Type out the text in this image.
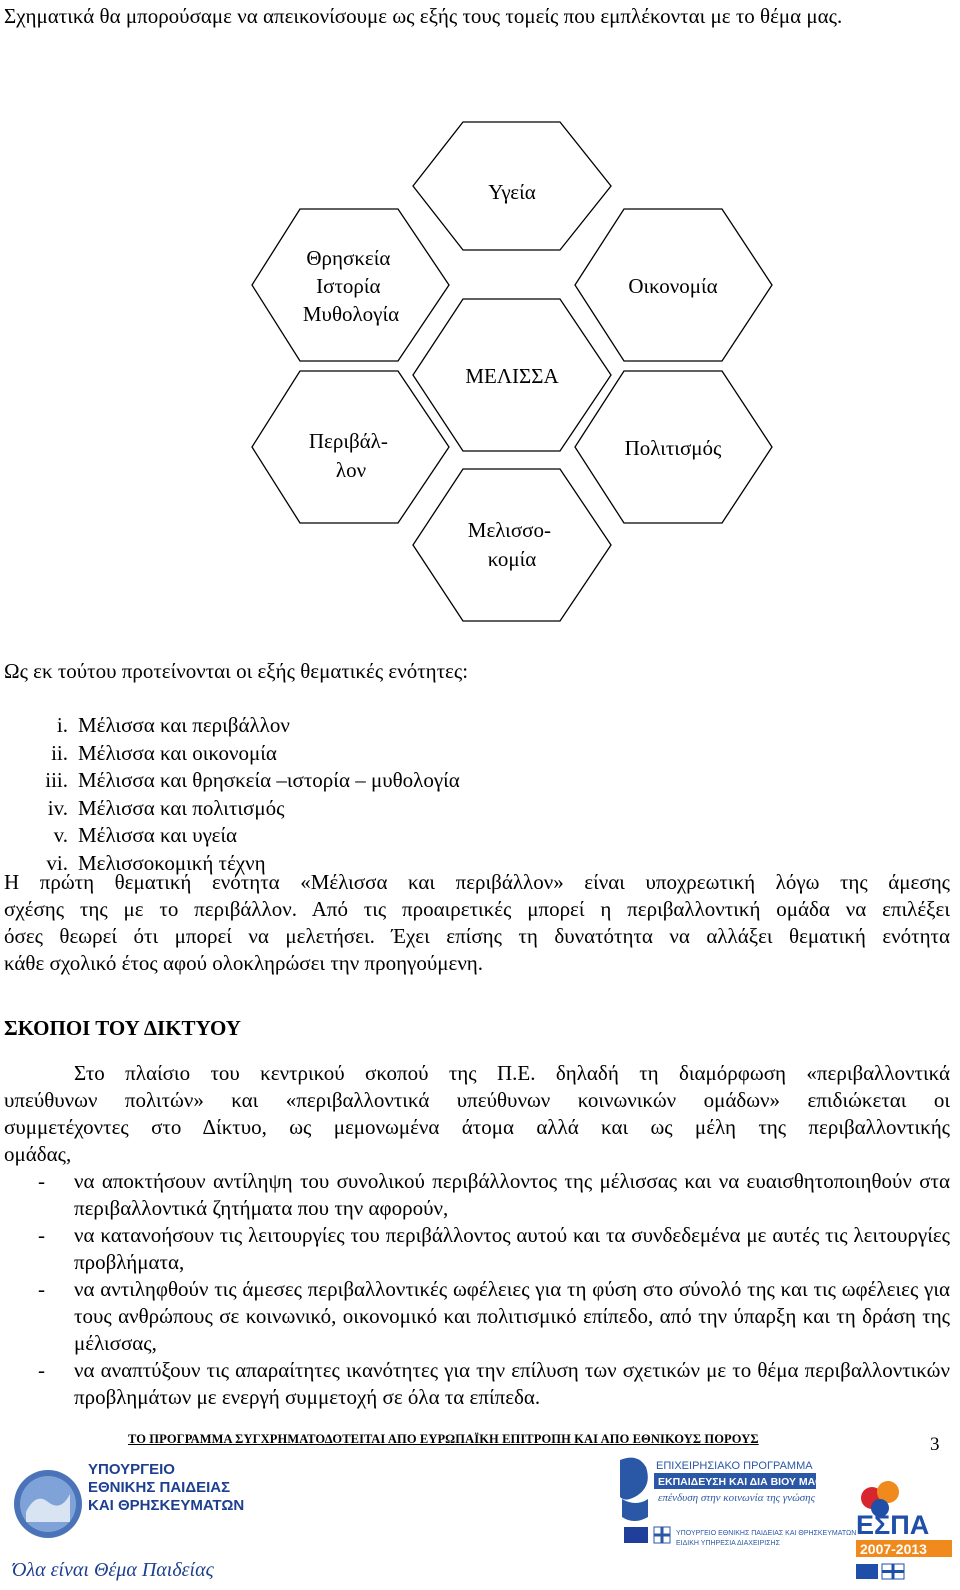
Σχηματικά θα μπορούσαμε να απεικονίσουμε ως εξής τους τομείς που εμπλέκονται με το θέμα μας.

Υγεία
Θρησκεία Ιστορία Μυθολογία
Οικονομία
ΜΕΛΙΣΣΑ
Περιβάλ- λον
Πολιτισμός
Μελισσο- κομία

Ως εκ τούτου προτείνονται οι εξής θεματικές ενότητες:

i. Μέλισσα και περιβάλλον
ii. Μέλισσα και οικονομία
iii. Μέλισσα και θρησκεία –ιστορία – μυθολογία
iv. Μέλισσα και πολιτισμός
v. Μέλισσα και υγεία
vi. Μελισσοκομική τέχνη
Η πρώτη θεματική ενότητα «Μέλισσα και περιβάλλον» είναι υποχρεωτική λόγω της άμεσης
σχέσης της με το περιβάλλον. Από τις προαιρετικές μπορεί η περιβαλλοντική ομάδα να επιλέξει
όσες θεωρεί ότι μπορεί να μελετήσει. Έχει επίσης τη δυνατότητα να αλλάξει θεματική ενότητα
κάθε σχολικό έτος αφού ολοκληρώσει την προηγούμενη.

ΣΚΟΠΟΙ ΤΟΥ ΔΙΚΤΥΟΥ

Στο πλαίσιο του κεντρικού σκοπού της Π.Ε. δηλαδή τη διαμόρφωση «περιβαλλοντικά
υπεύθυνων πολιτών» και «περιβαλλοντικά υπεύθυνων κοινωνικών ομάδων» επιδιώκεται οι
συμμετέχοντες στο Δίκτυο, ως μεμονωμένα άτομα αλλά και ως μέλη της περιβαλλοντικής
ομάδας,
- να αποκτήσουν αντίληψη του συνολικού περιβάλλοντος της μέλισσας και να ευαισθητοποιηθούν στα περιβαλλοντικά ζητήματα που την αφορούν,
- να κατανοήσουν τις λειτουργίες του περιβάλλοντος αυτού και τα συνδεδεμένα με αυτές τις λειτουργίες προβλήματα,
- να αντιληφθούν τις άμεσες περιβαλλοντικές ωφέλειες για τη φύση στο σύνολό της και τις ωφέλειες για τους ανθρώπους σε κοινωνικό, οικονομικό και πολιτισμικό επίπεδο, από την ύπαρξη και τη δράση της μέλισσας,
- να αναπτύξουν τις απαραίτητες ικανότητες για την επίλυση των σχετικών με το θέμα περιβαλλοντικών προβλημάτων με ενεργή συμμετοχή σε όλα τα επίπεδα.
ΤΟ ΠΡΟΓΡΑΜΜΑ ΣΥΓΧΡΗΜΑΤΟΔΟΤΕΙΤΑΙ ΑΠΟ ΕΥΡΩΠΑΪΚΗ ΕΠΙΤΡΟΠΗ ΚΑΙ ΑΠΟ ΕΘΝΙΚΟΥΣ ΠΟΡΟΥΣ	3
ΥΠΟΥΡΓΕΙΟ
ΕΘΝΙΚΗΣ ΠΑΙΔΕΙΑΣ
ΚΑΙ ΘΡΗΣΚΕΥΜΑΤΩΝ
Όλα είναι Θέμα Παιδείας
ΕΠΙΧΕΙΡΗΣΙΑΚΟ ΠΡΟΓΡΑΜΜΑ
ΕΚΠΑΙΔΕΥΣΗ ΚΑΙ ΔΙΑ ΒΙΟΥ ΜΑΘΗΣΗ
επένδυση στην κοινωνία της γνώσης
ΥΠΟΥΡΓΕΙΟ ΕΘΝΙΚΗΣ ΠΑΙΔΕΙΑΣ ΚΑΙ ΘΡΗΣΚΕΥΜΑΤΩΝ
ΕΙΔΙΚΗ ΥΠΗΡΕΣΙΑ ΔΙΑΧΕΙΡΙΣΗΣ
ΕΣΠΑ
2007-2013
